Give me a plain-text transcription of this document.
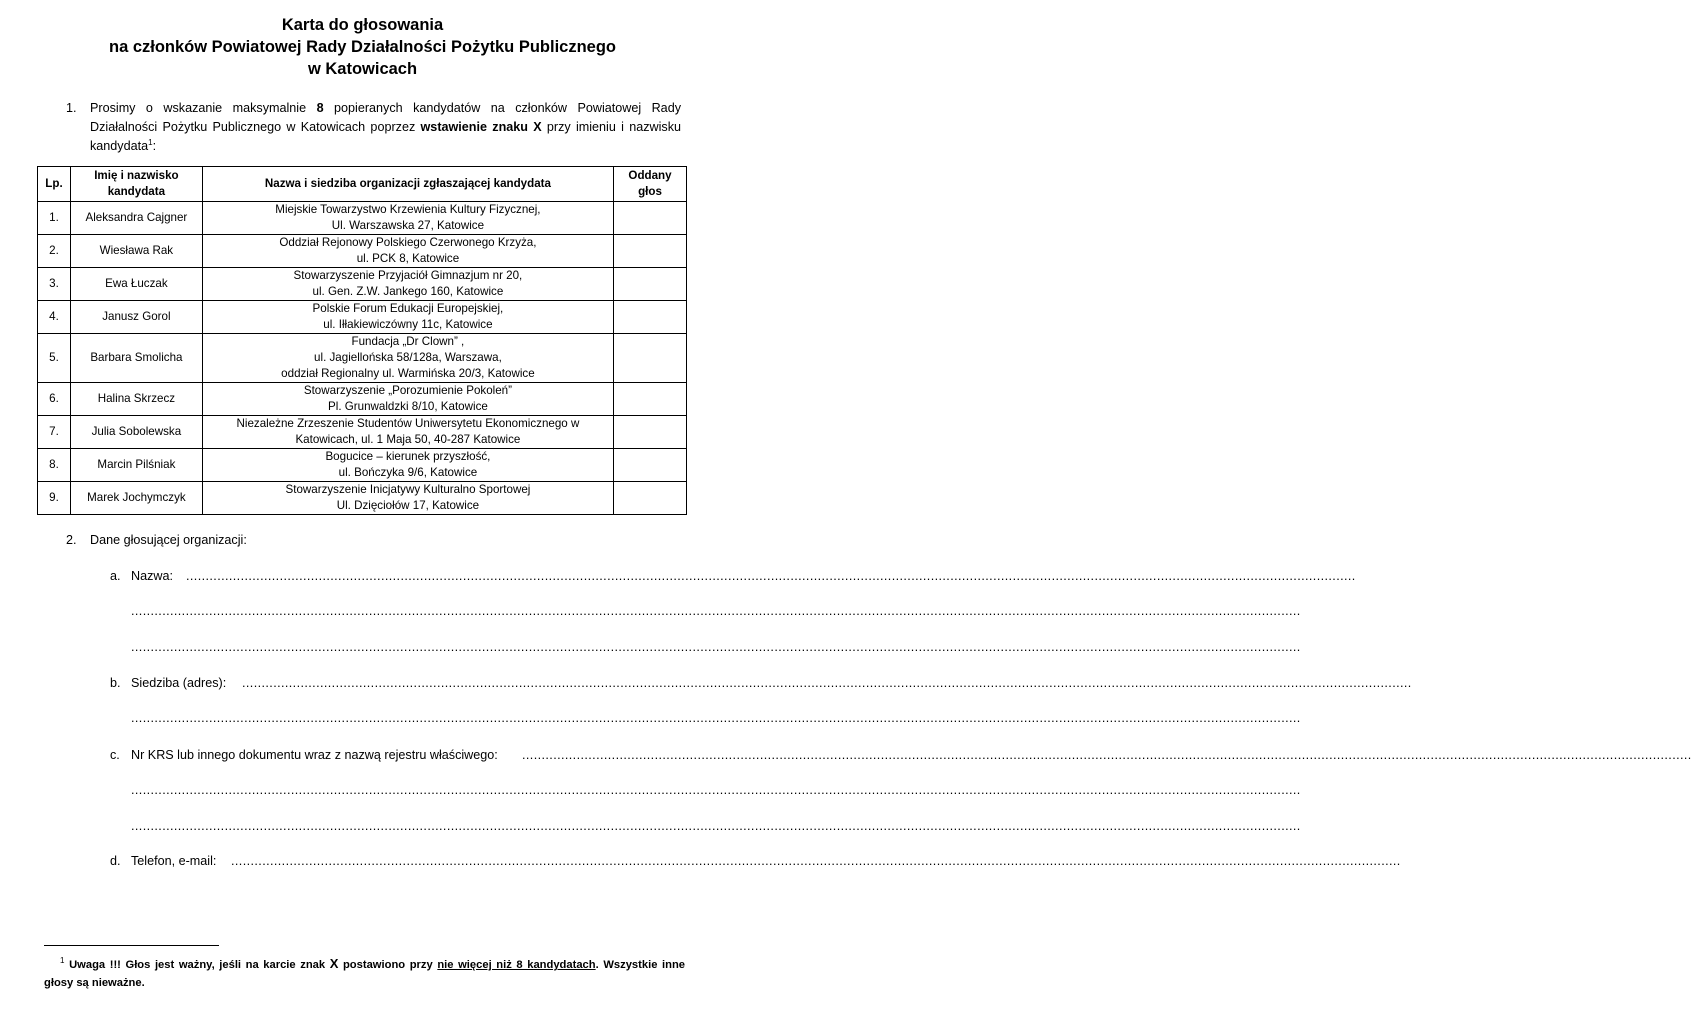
Karta do głosowania
na członków Powiatowej Rady Działalności Pożytku Publicznego
w Katowicach
1. Prosimy o wskazanie maksymalnie 8 popieranych kandydatów na członków Powiatowej Rady Działalności Pożytku Publicznego w Katowicach poprzez wstawienie znaku X przy imieniu i nazwisku kandydata$^1$:
Lp.	Imię i nazwisko kandydata	Nazwa i siedziba organizacji zgłaszającej kandydata	Oddany głos
1.	Aleksandra Cajgner	Miejskie Towarzystwo Krzewienia Kultury Fizycznej,
Ul. Warszawska 27, Katowice	

2.	Wiesława Rak	Oddział Rejonowy Polskiego Czerwonego Krzyża,
ul. PCK 8, Katowice	

3.	Ewa Łuczak	Stowarzyszenie Przyjaciół Gimnazjum nr 20,
ul. Gen. Z.W. Jankego 160, Katowice	

4.	Janusz Gorol	Polskie Forum Edukacji Europejskiej,
ul. Iłłakiewiczówny 11c, Katowice	

5.	Barbara Smolicha	Fundacja „Dr Clown” ,
ul. Jagiellońska 58/128a, Warszawa,
oddział Regionalny ul. Warmińska 20/3, Katowice	

6.	Halina Skrzecz	Stowarzyszenie „Porozumienie Pokoleń”
Pl. Grunwaldzki 8/10, Katowice	

7.	Julia Sobolewska	Niezależne Zrzeszenie Studentów Uniwersytetu Ekonomicznego w
Katowicach, ul. 1 Maja 50, 40-287 Katowice	

8.	Marcin Pilśniak	Bogucice – kierunek przyszłość,
ul. Bończyka 9/6, Katowice	

9.	Marek Jochymczyk	Stowarzyszenie Inicjatywy Kulturalno Sportowej
Ul. Dzięciołów 17, Katowice	

2. Dane głosującej organizacji:
a. Nazwa: ............................................................................................................................................................................................................................................................................................................
............................................................................................................................................................................................................................................................................................................
............................................................................................................................................................................................................................................................................................................
b. Siedziba (adres): ............................................................................................................................................................................................................................................................................................................
............................................................................................................................................................................................................................................................................................................
c. Nr KRS lub innego dokumentu wraz z nazwą rejestru właściwego: ............................................................................................................................................................................................................................................................................................................
............................................................................................................................................................................................................................................................................................................
............................................................................................................................................................................................................................................................................................................
d. Telefon, e-mail: ............................................................................................................................................................................................................................................................................................................
$^1$ Uwaga !!! Głos jest ważny, jeśli na karcie znak X postawiono przy nie więcej niż 8 kandydatach. Wszystkie inne głosy są nieważne.
